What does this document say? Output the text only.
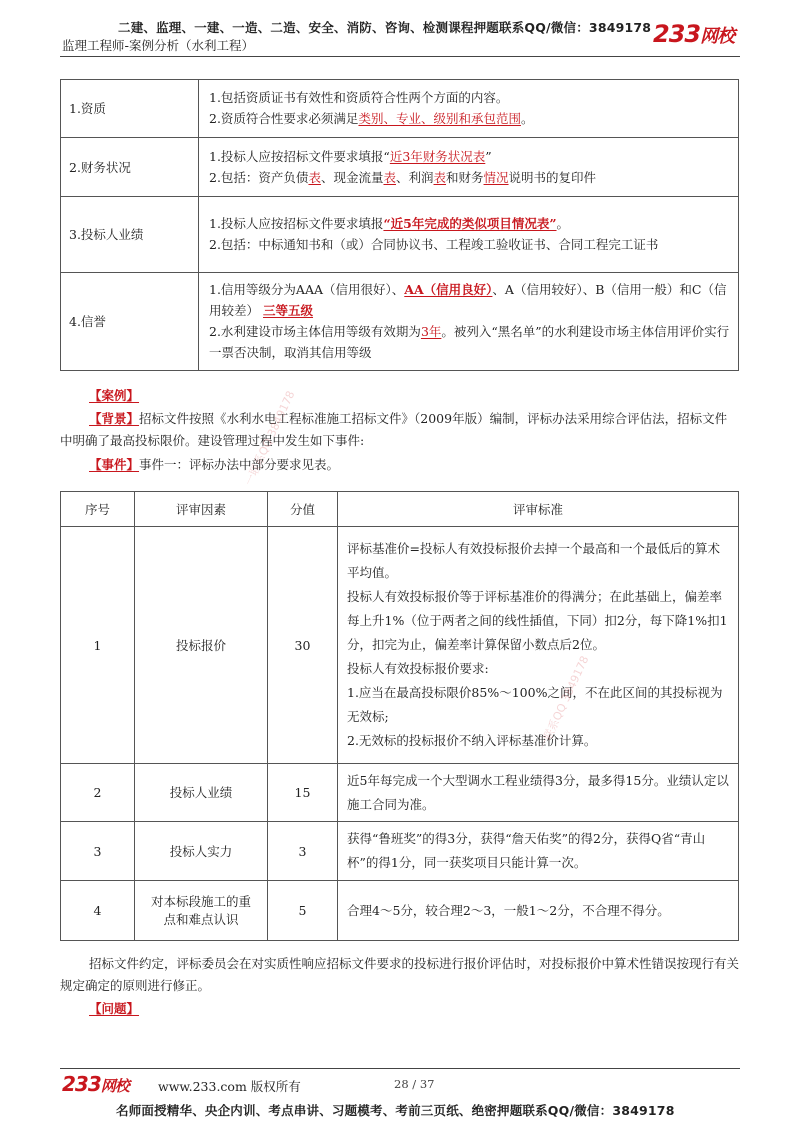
二建、监理、一建、一造、二造、安全、消防、咨询、检测课程押题联系QQ/微信：3849178
监理工程师-案例分析（水利工程）	233网校
1.资质	1.包括资质证书有效性和资质符合性两个方面的内容。
2.资质符合性要求必须满足类别、专业、级别和承包范围。

2.财务状况	1.投标人应按招标文件要求填报“近3年财务状况表”
2.包括：资产负债表、现金流量表、利润表和财务情况说明书的复印件

3.投标人业绩	1.投标人应按招标文件要求填报“近5年完成的类似项目情况表”。
2.包括：中标通知书和（或）合同协议书、工程竣工验收证书、合同工程完工证书

4.信誉	1.信用等级分为AAA（信用很好）、AA（信用良好）、A（信用较好）、B（信用一般）和C（信用较差） 三等五级
2.水利建设市场主体信用等级有效期为3年。被列入“黑名单”的水利建设市场主体信用评价实行一票否决制，取消其信用等级
【案例】
【背景】招标文件按照《水利水电工程标准施工招标文件》（2009年版）编制，评标办法采用综合评估法，招标文件中明确了最高投标限价。建设管理过程中发生如下事件:
【事件】事件一：评标办法中部分要求见表。
序号	评审因素	分值	评审标准
1	投标报价	30	评标基准价=投标人有效投标报价去掉一个最高和一个最低后的算术平均值。
投标人有效投标报价等于评标基准价的得满分；在此基础上，偏差率每上升1%（位于两者之间的线性插值，下同）扣2分，每下降1%扣1分，扣完为止，偏差率计算保留小数点后2位。
投标人有效投标报价要求:
1.应当在最高投标限价85%～100%之间，不在此区间的其投标视为无效标;
2.无效标的投标报价不纳入评标基准价计算。

2	投标人业绩	15	近5年每完成一个大型调水工程业绩得3分，最多得15分。业绩认定以施工合同为准。
3	投标人实力	3	获得“鲁班奖”的得3分，获得“詹天佑奖”的得2分，获得Q省“青山杯”的得1分，同一获奖项目只能计算一次。
4	对本标段施工的重点和难点认识	5	合理4～5分，较合理2～3，一般1～2分，不合理不得分。
招标文件约定，评标委员会在对实质性响应招标文件要求的投标进行报价评估时，对投标报价中算术性错误按现行有关规定确定的原则进行修正。
【问题】
一联系QQ 3849178
一联系QQ 3849178
233网校 www.233.com 版权所有	28 / 37
名师面授精华、央企内训、考点串讲、习题模考、考前三页纸、绝密押题联系QQ/微信：3849178
